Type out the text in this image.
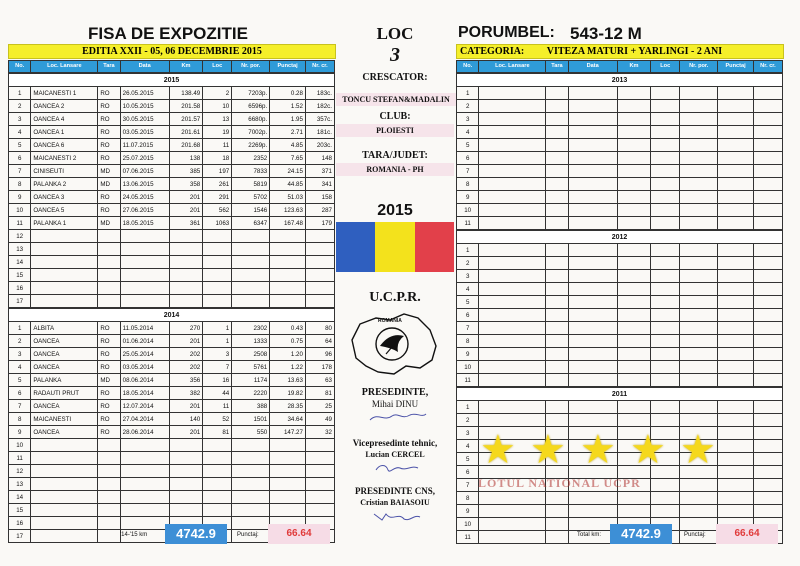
FISA DE EXPOZITIE
EDITIA XXII - 05, 06 DECEMBRIE 2015
No.	Loc. Lansare	Tara	Data	Km	Loc	Nr. por.	Punctaj	Nr. cr.
2015								
1	MAICANESTI 1	RO	26.05.2015	138.49	2	7203p.	0.28	183c.
2	OANCEA 2	RO	10.05.2015	201.58	10	6596p.	1.52	182c.
3	OANCEA 4	RO	30.05.2015	201.57	13	6680p.	1.95	357c.
4	OANCEA 1	RO	03.05.2015	201.61	19	7002p.	2.71	181c.
5	OANCEA 6	RO	11.07.2015	201.68	11	2269p.	4.85	203c.
6	MAICANESTI 2	RO	25.07.2015	138	18	2352	7.65	148
7	CINISEUTI	MD	07.06.2015	385	197	7833	24.15	371
8	PALANKA 2	MD	13.06.2015	358	261	5819	44.85	341
9	OANCEA 3	RO	24.05.2015	201	291	5702	51.03	158
10	OANCEA 5	RO	27.06.2015	201	562	1546	123.63	287
11	PALANKA 1	MD	18.05.2015	361	1063	6347	167.48	179
12								
13								
14								
15								
16								
17								
2014								
1	ALBITA	RO	11.05.2014	270	1	2302	0.43	80
2	OANCEA	RO	01.06.2014	201	1	1333	0.75	64
3	OANCEA	RO	25.05.2014	202	3	2508	1.20	96
4	OANCEA	RO	03.05.2014	202	7	5761	1.22	178
5	PALANKA	MD	08.06.2014	356	16	1174	13.63	63
6	RADAUTI PRUT	RO	18.05.2014	382	44	2220	19.82	81
7	OANCEA	RO	12.07.2014	201	11	388	28.35	25
8	MAICANESTI	RO	27.04.2014	140	52	1501	34.64	49
9	OANCEA	RO	28.06.2014	201	81	550	147.27	32
10								
11								
12								
13								
14								
15								
16								
17									'14-'15 km	4742.9	Punctaj:	66.64
LOC
3
CRESCATOR:
TONCU STEFAN&MADALIN
CLUB:
PLOIESTI
TARA/JUDET:
ROMANIA - PH
2015
U.C.P.R.
ROMANIA
PRESEDINTE,
Mihai DINU
Vicepresedinte tehnic,
Lucian CERCEL
PRESEDINTE CNS,
Cristian BAIASOIU
PORUMBEL: 543-12 M
CATEGORIA: VITEZA MATURI + YARLINGI - 2 ANI
No.	Loc. Lansare	Tara	Data	Km	Loc	Nr. por.	Punctaj	Nr. cr.
2013								
1								
2								
3								
4								
5								
6								
7								
8								
9								
10								
11								
2012								
1								
2								
3								
4								
5								
6								
7								
8								
9								
10								
11								
2011								
1								
2								
3								
4								
5								
6								
7								
8								
9								
10								
11								
★ ★ ★ ★ ★
LOTUL NATIONAL UCPR
Total km:	4742.9	Punctaj:	66.64
